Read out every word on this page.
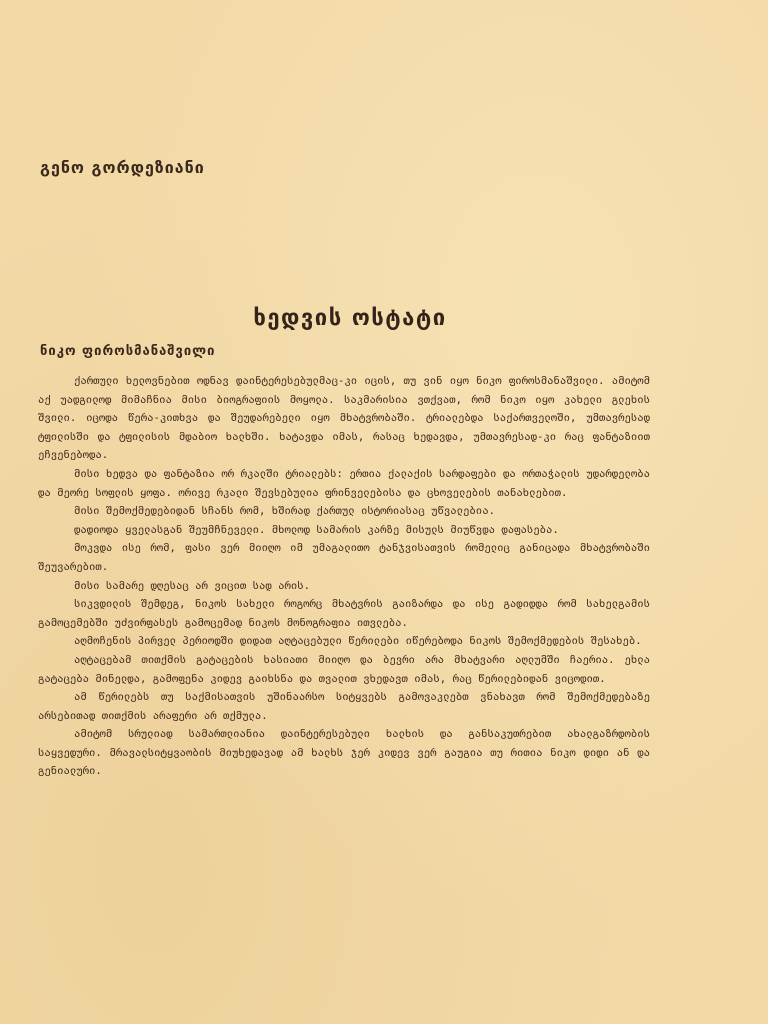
გენო გორდეზიანი
ხედვის ოსტატი
ნიკო ფიროსმანაშვილი

ქართული ხელოვნებით ოდნავ დაინტერესებულმაც-კი იცის, თუ ვინ იყო ნიკო ფიროსმანაშვილი. ამიტომ აქ უადგილოდ მიმაჩნია მისი ბიოგრაფიის მოყოლა. საკმარისია ვთქვათ, რომ ნიკო იყო კახელი გლეხის შვილი. იცოდა წერა-კითხვა და შეუდარებელი იყო მხატვრობაში. ტრიალებდა საქართველოში, უმთავრესად ტფილისში და ტფილისის მდაბიო ხალხში. ხატავდა იმას, რასაც ხედავდა, უმთავრესად-კი რაც ფანტაზიით ეჩვენებოდა.

მისი ხედვა და ფანტაზია ორ რკალში ტრიალებს: ერთია ქალაქის სარდაფები და ორთაჭალის უდარდელობა და მეორე სოფლის ყოფა. ორივე რკალი შევსებულია ფრინველებისა და ცხოველების თანახლებით.

მისი შემოქმედებიდან სჩანს რომ, ხშირად ქართულ ისტორიასაც უწვალებია.

დადიოდა ყველასგან შეუმჩნეველი. მხოლოდ სამარის კარზე მისულს მიუწვდა დაფასება.

მოკვდა ისე რომ, ფასი ვერ მიიღო იმ უმაგალითო ტანჯვისათვის რომელიც განიცადა მხატვრობაში შეუვარებით.

მისი სამარე დღესაც არ ვიცით სად არის.

სიკვდილის შემდეგ, ნიკოს სახელი როგორც მხატვრის გაიზარდა და ისე გადიდდა რომ სახელგამის გამოცემებში უძვირფასეს გამოცემად ნიკოს მონოგრაფია ითვლება.

აღმოჩენის პირველ პერიოდში დიდათ აღტაცებული წერილები იწერებოდა ნიკოს შემოქმედების შესახებ.

აღტაცებამ თითქმის გატაცების ხასიათი მიიღო და ბევრი არა მხატვარი აღლუმში ჩაერია. ეხლა გატაცება მინელდა, გამოფენა კიდევ გაიხსნა და თვალით ვხედავთ იმას, რაც წერილებიდან ვიცოდით.

ამ წერილებს თუ საქმისათვის უშინაარსო სიტყვებს გამოვაკლებთ ვნახავთ რომ შემოქმედებაზე არსებითად თითქმის არაფერი არ თქმულა.

ამიტომ სრულიად სამართლიანია დაინტერესებული ხალხის და განსაკუთრებით ახალგაზრდობის საყვედური. მრავალსიტყვაობის მიუხედავად ამ ხალხს ჯერ კიდევ ვერ გაუგია თუ რითია ნიკო დიდი ან და გენიალური.
